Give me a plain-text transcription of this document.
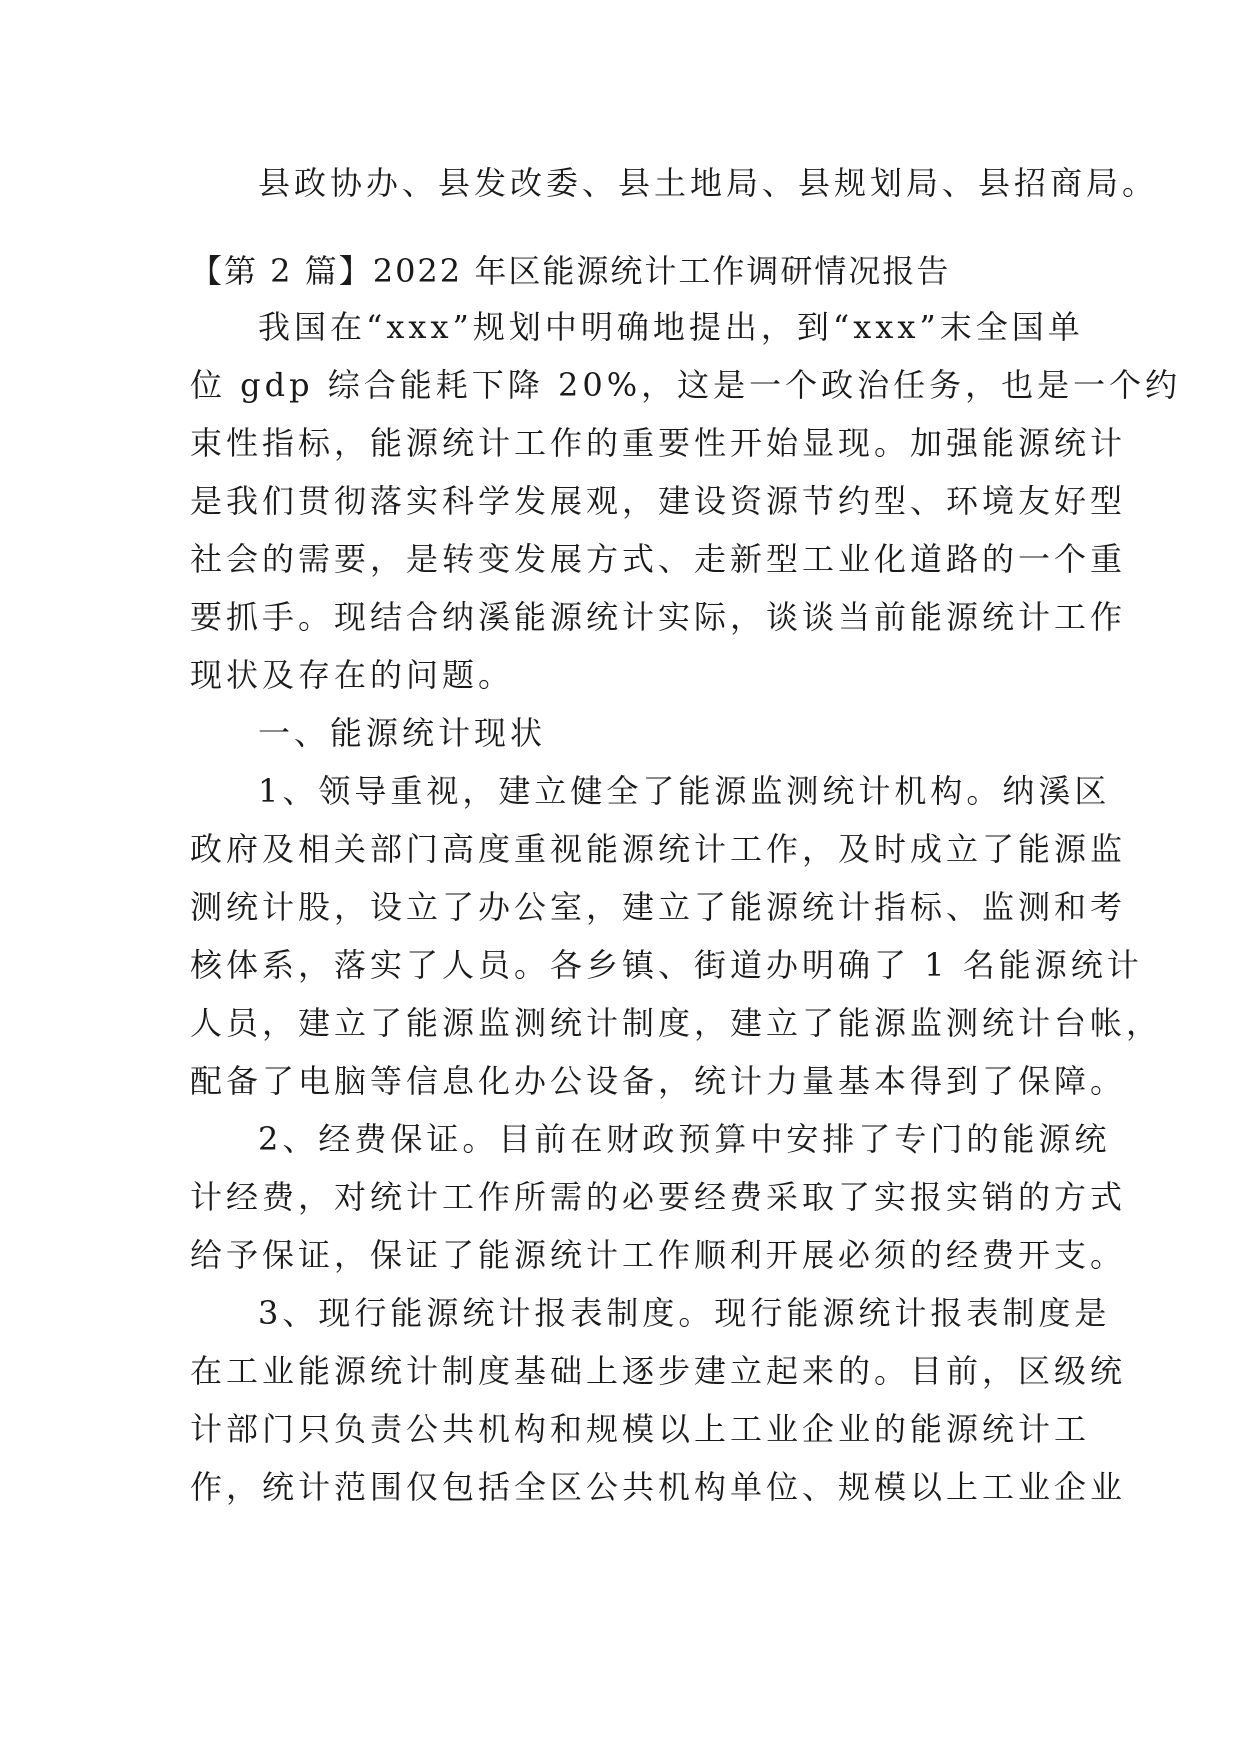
县政协办、县发改委、县土地局、县规划局、县招商局。
【第 2 篇】2022 年区能源统计工作调研情况报告
我国在“xxx”规划中明确地提出，到“xxx”末全国单
位 gdp 综合能耗下降 20%，这是一个政治任务，也是一个约
束性指标，能源统计工作的重要性开始显现。加强能源统计
是我们贯彻落实科学发展观，建设资源节约型、环境友好型
社会的需要，是转变发展方式、走新型工业化道路的一个重
要抓手。现结合纳溪能源统计实际，谈谈当前能源统计工作
现状及存在的问题。
一、能源统计现状
1、领导重视，建立健全了能源监测统计机构。纳溪区
政府及相关部门高度重视能源统计工作，及时成立了能源监
测统计股，设立了办公室，建立了能源统计指标、监测和考
核体系，落实了人员。各乡镇、街道办明确了 1 名能源统计
人员，建立了能源监测统计制度，建立了能源监测统计台帐，
配备了电脑等信息化办公设备，统计力量基本得到了保障。
2、经费保证。目前在财政预算中安排了专门的能源统
计经费，对统计工作所需的必要经费采取了实报实销的方式
给予保证，保证了能源统计工作顺利开展必须的经费开支。
3、现行能源统计报表制度。现行能源统计报表制度是
在工业能源统计制度基础上逐步建立起来的。目前，区级统
计部门只负责公共机构和规模以上工业企业的能源统计工
作，统计范围仅包括全区公共机构单位、规模以上工业企业
